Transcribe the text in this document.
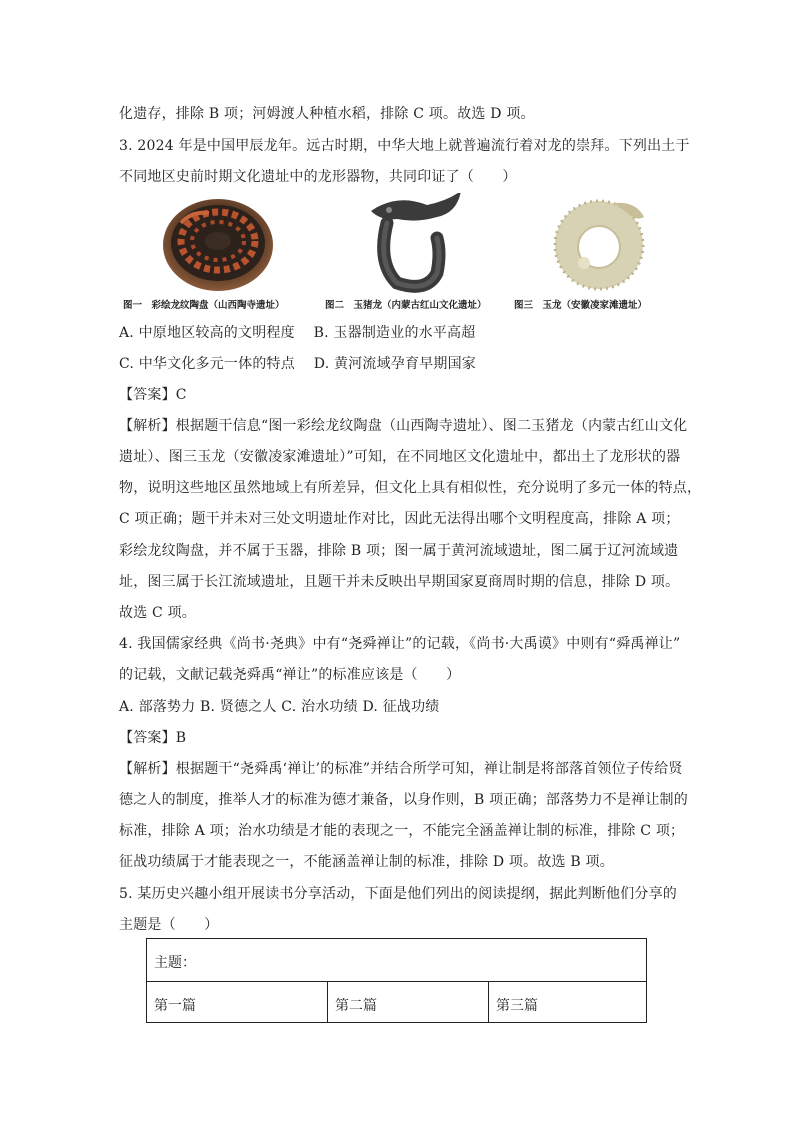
化遗存，排除 B 项；河姆渡人种植水稻，排除 C 项。故选 D 项。
3. 2024 年是中国甲辰龙年。远古时期，中华大地上就普遍流行着对龙的崇拜。下列出土于
不同地区史前时期文化遗址中的龙形器物，共同印证了（　　）
图一　彩绘龙纹陶盘（山西陶寺遗址）	图二　玉猪龙（内蒙古红山文化遗址）	图三　玉龙（安徽凌家滩遗址）
A. 中原地区较高的文明程度　 B. 玉器制造业的水平高超
C. 中华文化多元一体的特点　 D. 黄河流域孕育早期国家
【答案】C
【解析】根据题干信息“图一彩绘龙纹陶盘（山西陶寺遗址）、图二玉猪龙（内蒙古红山文化
遗址）、图三玉龙（安徽凌家滩遗址）”可知，在不同地区文化遗址中，都出土了龙形状的器
物，说明这些地区虽然地域上有所差异，但文化上具有相似性，充分说明了多元一体的特点，
C 项正确；题干并未对三处文明遗址作对比，因此无法得出哪个文明程度高，排除 A 项；
彩绘龙纹陶盘，并不属于玉器，排除 B 项；图一属于黄河流域遗址，图二属于辽河流域遗
址，图三属于长江流域遗址，且题干并未反映出早期国家夏商周时期的信息，排除 D 项。
故选 C 项。
4. 我国儒家经典《尚书·尧典》中有“尧舜禅让”的记载，《尚书·大禹谟》中则有“舜禹禅让”
的记载，文献记载尧舜禹“禅让”的标准应该是（　　）
A. 部落势力 B. 贤德之人 C. 治水功绩 D. 征战功绩
【答案】B
【解析】根据题干“尧舜禹‘禅让’的标准”并结合所学可知，禅让制是将部落首领位子传给贤
德之人的制度，推举人才的标准为德才兼备，以身作则，B 项正确；部落势力不是禅让制的
标准，排除 A 项；治水功绩是才能的表现之一，不能完全涵盖禅让制的标准，排除 C 项；
征战功绩属于才能表现之一，不能涵盖禅让制的标准，排除 D 项。故选 B 项。
5. 某历史兴趣小组开展读书分享活动，下面是他们列出的阅读提纲，据此判断他们分享的
主题是（　　）
主题：
第一篇	第二篇	第三篇
